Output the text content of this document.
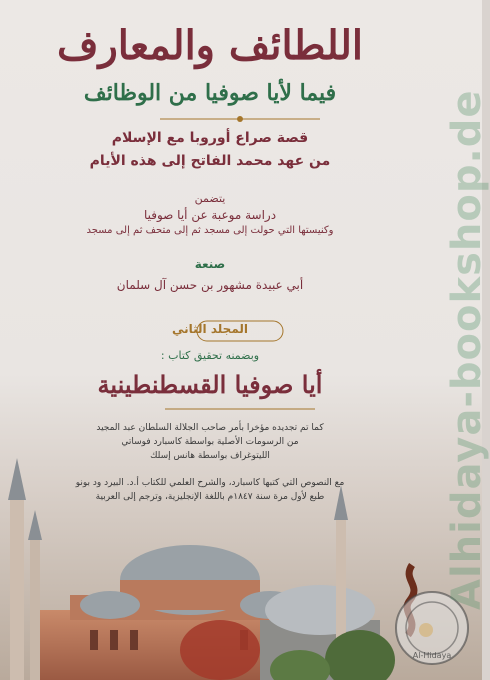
اللطائف والمعارف

فيما لأيا صوفيا من الوظائف

قصة صراع أوروبا مع الإسلام

من عهد محمد الفاتح إلى هذه الأيام

يتضمن

دراسة موعبة عن أيا صوفيا

وكنيستها التي حولت إلى مسجد ثم إلى متحف ثم إلى مسجد

صنعة

أبي عبيدة مشهور بن حسن آل سلمان

المجلد الثاني

وبضمنه تحقيق كتاب :

أيا صوفيا القسطنطينية

كما تم تجديده مؤخرا بأمر صاحب الجلالة السلطان عبد المجيد

من الرسومات الأصلية بواسطة كاسبارد فوساتي

الليتوغراف بواسطة هانس إسلك

مع النصوص التي كتبها كاسبارد، والشرح العلمي للكتاب أ.د. البيرد ود بونو

طبع لأول مرة سنة ١٨٤٧م باللغة الإنجليزية، وترجم إلى العربية

Al-Hidaya
Alhidaya-bookshop.de
